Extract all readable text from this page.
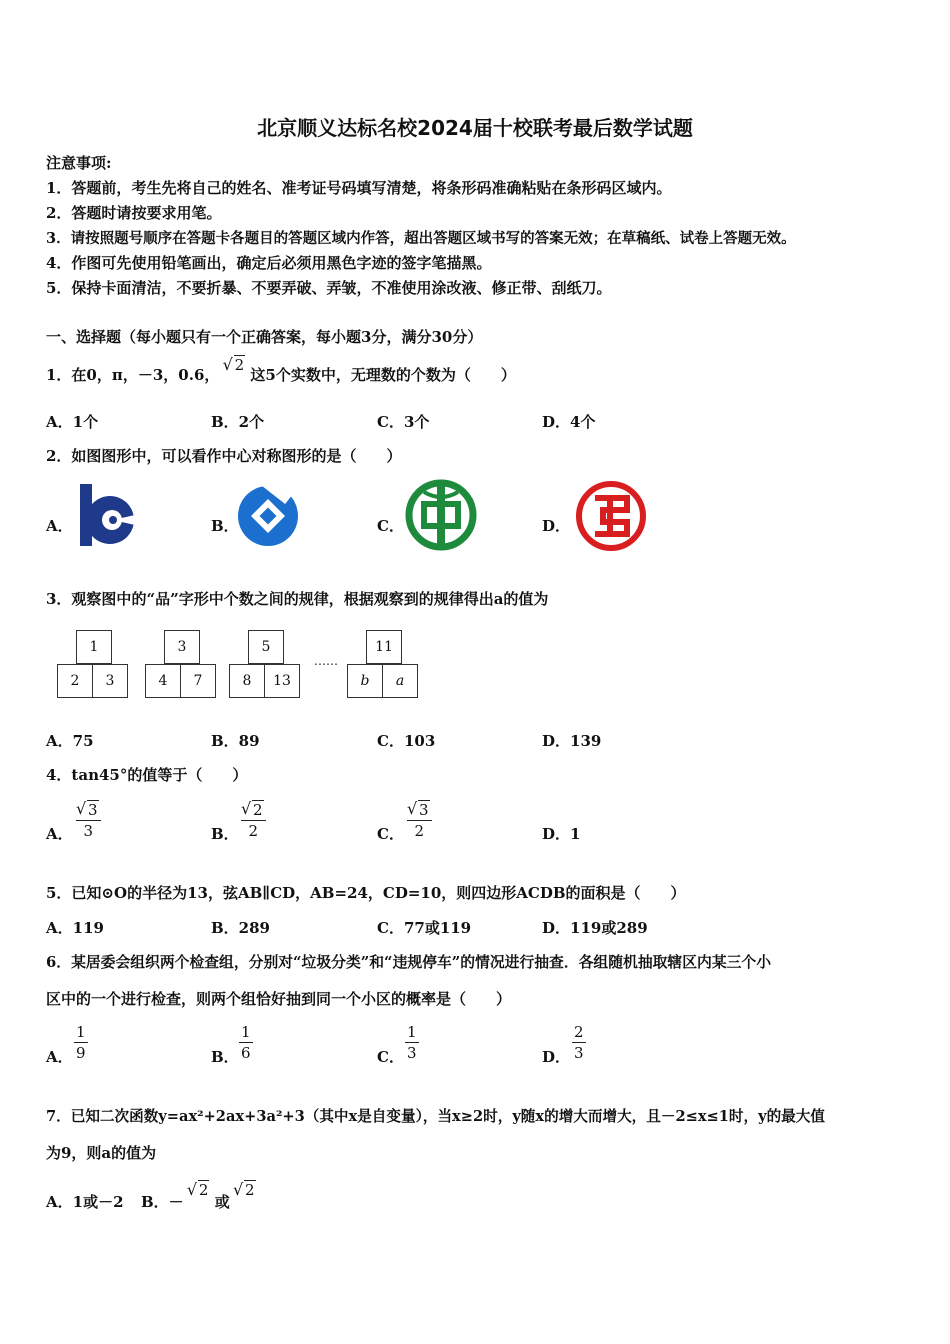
北京顺义达标名校2024届十校联考最后数学试题
注意事项:
1．答题前，考生先将自己的姓名、准考证号码填写清楚，将条形码准确粘贴在条形码区域内。
2．答题时请按要求用笔。
3．请按照题号顺序在答题卡各题目的答题区域内作答，超出答题区域书写的答案无效；在草稿纸、试卷上答题无效。
4．作图可先使用铅笔画出，确定后必须用黑色字迹的签字笔描黑。
5．保持卡面清洁，不要折暴、不要弄破、弄皱，不准使用涂改液、修正带、刮纸刀。
一、选择题（每小题只有一个正确答案，每小题3分，满分30分）
1．在0，π，－3，0.6， √ 2 这5个实数中，无理数的个数为（　　）
A．1个	B．2个	C．3个	D．4个
2．如图图形中，可以看作中心对称图形的是（　　）
A．	B．	C．	D．
3．观察图中的“品”字形中个数之间的规律，根据观察到的规律得出a的值为
1
2	3
3
4	7
5
8	13
……
11
b	a
A．75	B．89	C．103	D．139
4．tan45°的值等于（　　）
A． √ $\frac{3}{3}$	B． √ $\frac{2}{2}$	C． √ $\frac{3}{2}$	D．1
5．已知⊙O的半径为13，弦AB∥CD，AB=24，CD=10，则四边形ACDB的面积是（　　）
A．119	B．289	C．77或119	D．119或289
6．某居委会组织两个检查组，分别对“垃圾分类”和“违规停车”的情况进行抽查．各组随机抽取辖区内某三个小
区中的一个进行检查，则两个组恰好抽到同一个小区的概率是（　　）
A． $\frac{1}{9}$	B． $\frac{1}{6}$	C． $\frac{1}{3}$	D． $\frac{2}{3}$
7．已知二次函数y=ax²+2ax+3a²+3（其中x是自变量），当x≥2时，y随x的增大而增大，且－2≤x≤1时，y的最大值
为9，则a的值为
A．1或－2 B．－ √ 2 或 √ 2
